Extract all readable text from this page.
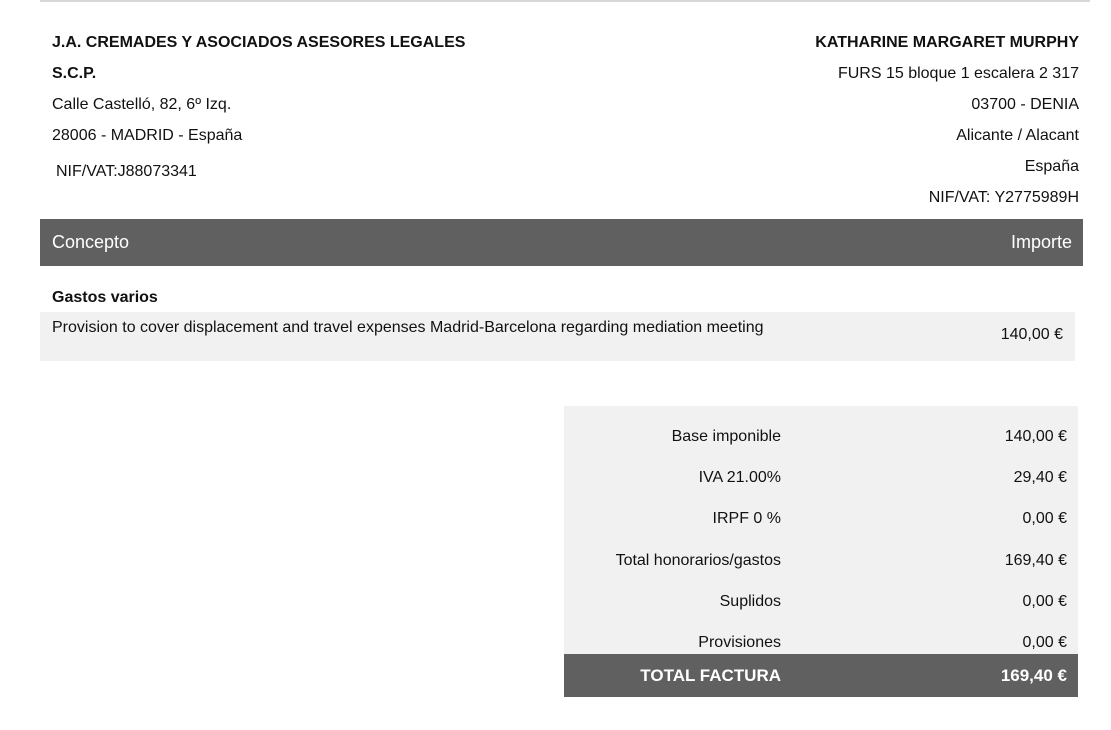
J.A. CREMADES Y ASOCIADOS ASESORES LEGALES
S.C.P.
Calle Castelló, 82, 6º Izq.
28006 - MADRID - España
NIF/VAT:J88073341
KATHARINE MARGARET MURPHY
FURS 15 bloque 1 escalera 2 317
03700 - DENIA
Alicante / Alacant
España
NIF/VAT: Y2775989H
Concepto	Importe
Gastos varios
Provision to cover displacement and travel expenses Madrid-Barcelona regarding mediation meeting	140,00 €
Base imponible	140,00 €
IVA 21.00%	29,40 €
IRPF 0 %	0,00 €
Total honorarios/gastos	169,40 €
Suplidos	0,00 €
Provisiones	0,00 €
TOTAL FACTURA	169,40 €
